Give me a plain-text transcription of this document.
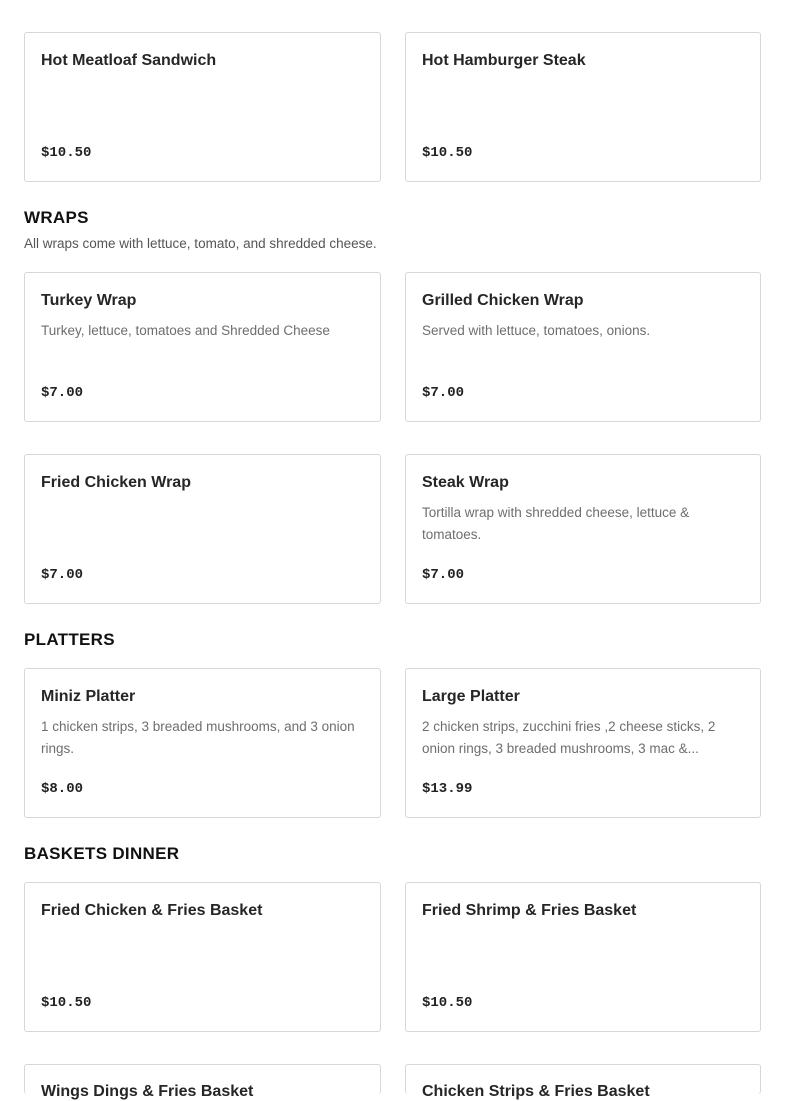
Hot Meatloaf Sandwich
$10.50
Hot Hamburger Steak
$10.50
WRAPS

All wraps come with lettuce, tomato, and shredded cheese.

Turkey Wrap
Turkey, lettuce, tomatoes and Shredded Cheese
$7.00
Grilled Chicken Wrap
Served with lettuce, tomatoes, onions.
$7.00
Fried Chicken Wrap
$7.00
Steak Wrap
Tortilla wrap with shredded cheese, lettuce & tomatoes.
$7.00
PLATTERS
Miniz Platter
1 chicken strips, 3 breaded mushrooms, and 3 onion rings.
$8.00
Large Platter
2 chicken strips, zucchini fries ,2 cheese sticks, 2 onion rings, 3 breaded mushrooms, 3 mac &...
$13.99
BASKETS DINNER
Fried Chicken & Fries Basket
$10.50
Fried Shrimp & Fries Basket
$10.50
Wings Dings & Fries Basket	Chicken Strips & Fries Basket
